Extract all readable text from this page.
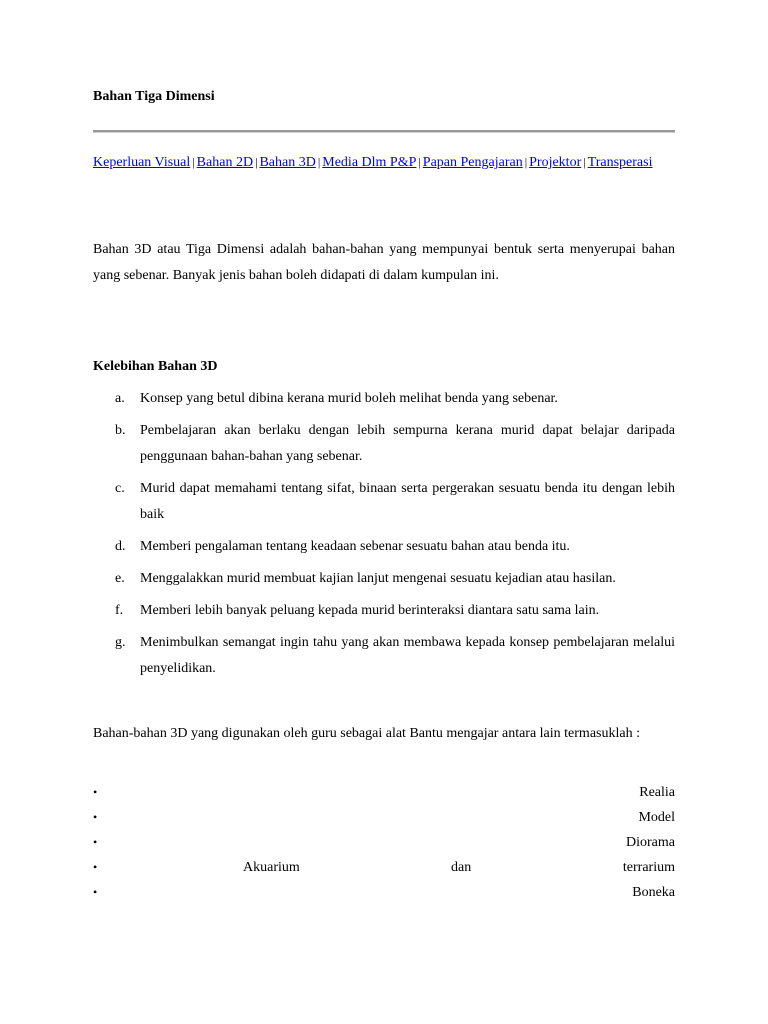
Bahan Tiga Dimensi
Keperluan Visual | Bahan 2D | Bahan 3D | Media Dlm P&P | Papan Pengajaran | Projektor | Transperasi
Bahan 3D atau Tiga Dimensi adalah bahan-bahan yang mempunyai bentuk serta menyerupai bahan yang sebenar. Banyak jenis bahan boleh didapati di dalam kumpulan ini.
Kelebihan Bahan 3D
a. Konsep yang betul dibina kerana murid boleh melihat benda yang sebenar.
b. Pembelajaran akan berlaku dengan lebih sempurna kerana murid dapat belajar daripada penggunaan bahan-bahan yang sebenar.
c. Murid dapat memahami tentang sifat, binaan serta pergerakan sesuatu benda itu dengan lebih baik
d. Memberi pengalaman tentang keadaan sebenar sesuatu bahan atau benda itu.
e. Menggalakkan murid membuat kajian lanjut mengenai sesuatu kejadian atau hasilan.
f. Memberi lebih banyak peluang kepada murid berinteraksi diantara satu sama lain.
g. Menimbulkan semangat ingin tahu yang akan membawa kepada konsep pembelajaran melalui penyelidikan.
Bahan-bahan 3D yang digunakan oleh guru sebagai alat Bantu mengajar antara lain termasuklah :
•	Realia
•	Model
•	Diorama
•	Akuarium	dan	terrarium
•	Boneka
